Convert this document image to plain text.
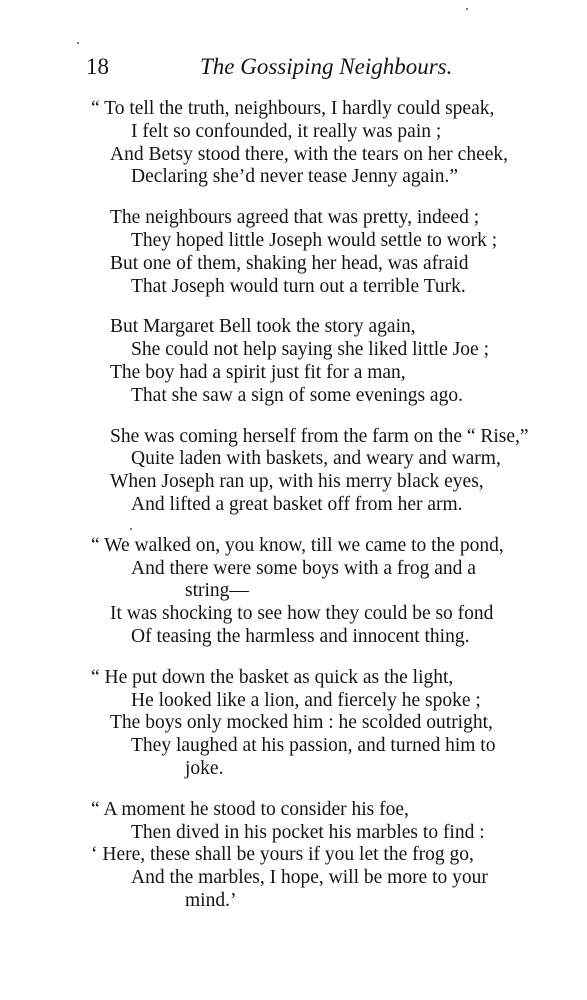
18	The Gossiping Neighbours.
“ To tell the truth, neighbours, I hardly could speak,
I felt so confounded, it really was pain ;
And Betsy stood there, with the tears on her cheek,
Declaring she’d never tease Jenny again.”
The neighbours agreed that was pretty, indeed ;
They hoped little Joseph would settle to work ;
But one of them, shaking her head, was afraid
That Joseph would turn out a terrible Turk.
But Margaret Bell took the story again,
She could not help saying she liked little Joe ;
The boy had a spirit just fit for a man,
That she saw a sign of some evenings ago.
She was coming herself from the farm on the “ Rise,”
Quite laden with baskets, and weary and warm,
When Joseph ran up, with his merry black eyes,
And lifted a great basket off from her arm.
“ We walked on, you know, till we came to the pond,
And there were some boys with a frog and a
string—
It was shocking to see how they could be so fond
Of teasing the harmless and innocent thing.
“ He put down the basket as quick as the light,
He looked like a lion, and fiercely he spoke ;
The boys only mocked him : he scolded outright,
They laughed at his passion, and turned him to
joke.
“ A moment he stood to consider his foe,
Then dived in his pocket his marbles to find :
‘ Here, these shall be yours if you let the frog go,
And the marbles, I hope, will be more to your
mind.’
